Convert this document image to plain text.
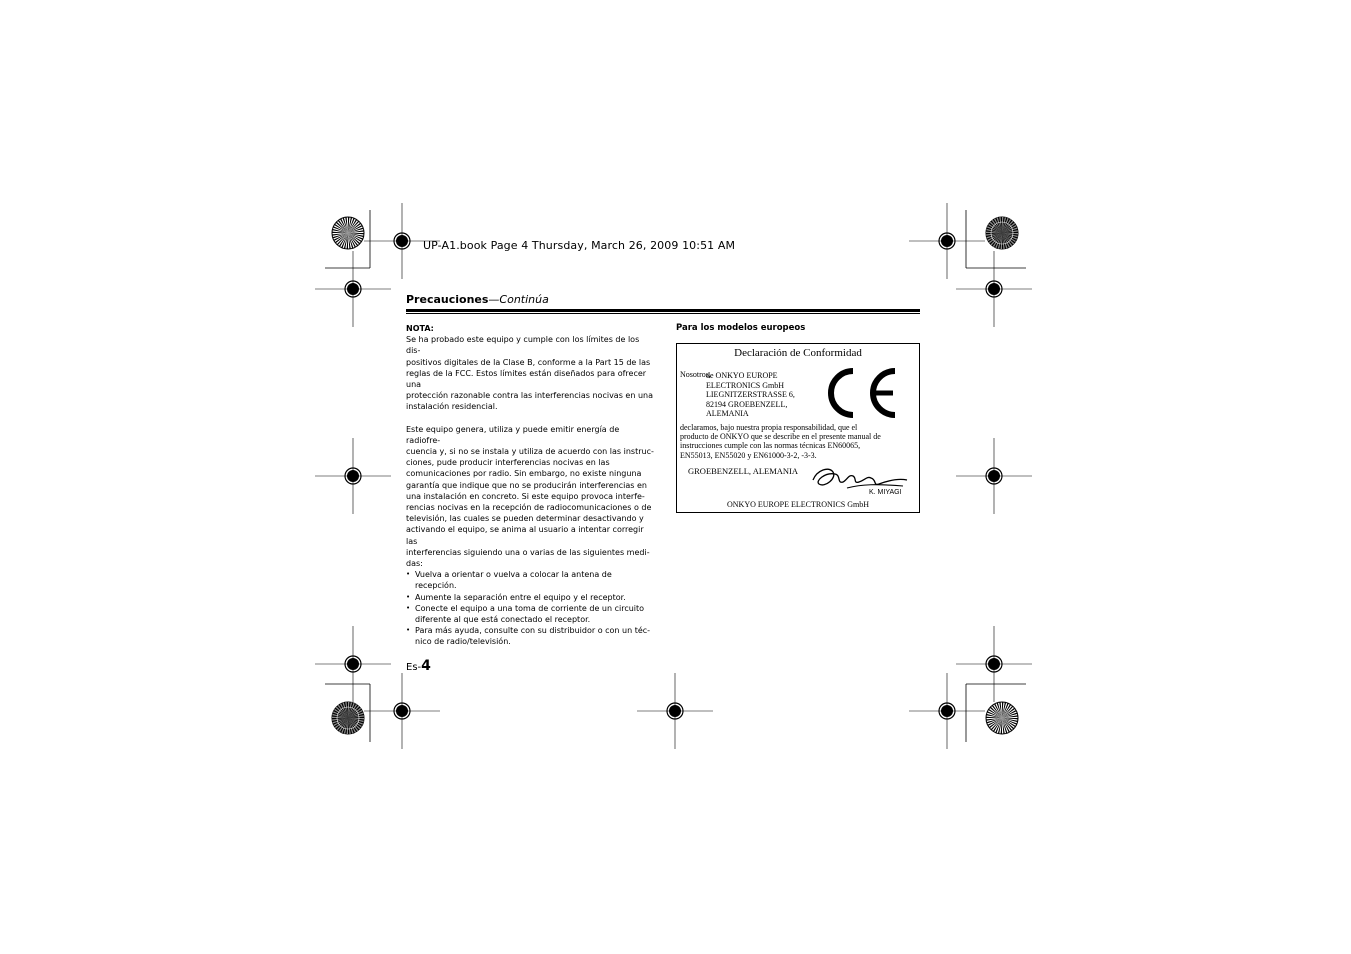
UP-A1.book Page 4 Thursday, March 26, 2009 10:51 AM
Precauciones—Continúa
NOTA:

Se ha probado este equipo y cumple con los límites de los dis-
positivos digitales de la Clase B, conforme a la Part 15 de las
reglas de la FCC. Estos límites están diseñados para ofrecer una
protección razonable contra las interferencias nocivas en una
instalación residencial.

Este equipo genera, utiliza y puede emitir energía de radiofre-
cuencia y, si no se instala y utiliza de acuerdo con las instruc-
ciones, pude producir interferencias nocivas en las
comunicaciones por radio. Sin embargo, no existe ninguna
garantía que indique que no se producirán interferencias en
una instalación en concreto. Si este equipo provoca interfe-
rencias nocivas en la recepción de radiocomunicaciones o de
televisión, las cuales se pueden determinar desactivando y
activando el equipo, se anima al usuario a intentar corregir las
interferencias siguiendo una o varias de las siguientes medi-
das:

• Vuelva a orientar o vuelva a colocar la antena de recepción.
• Aumente la separación entre el equipo y el receptor.
• Conecte el equipo a una toma de corriente de un circuito
diferente al que está conectado el receptor.
• Para más ayuda, consulte con su distribuidor o con un téc-
nico de radio/televisión.
Para los modelos europeos
Declaración de Conformidad
Nosotros,
de ONKYO EUROPE
ELECTRONICS GmbH
LIEGNITZERSTRASSE 6,
82194 GROEBENZELL,
ALEMANIA
declaramos, bajo nuestra propia responsabilidad, que el
producto de ONKYO que se describe en el presente manual de
instrucciones cumple con las normas técnicas EN60065,
EN55013, EN55020 y EN61000-3-2, -3-3.
GROEBENZELL, ALEMANIA
K. MIYAGI
ONKYO EUROPE ELECTRONICS GmbH
Es-4
